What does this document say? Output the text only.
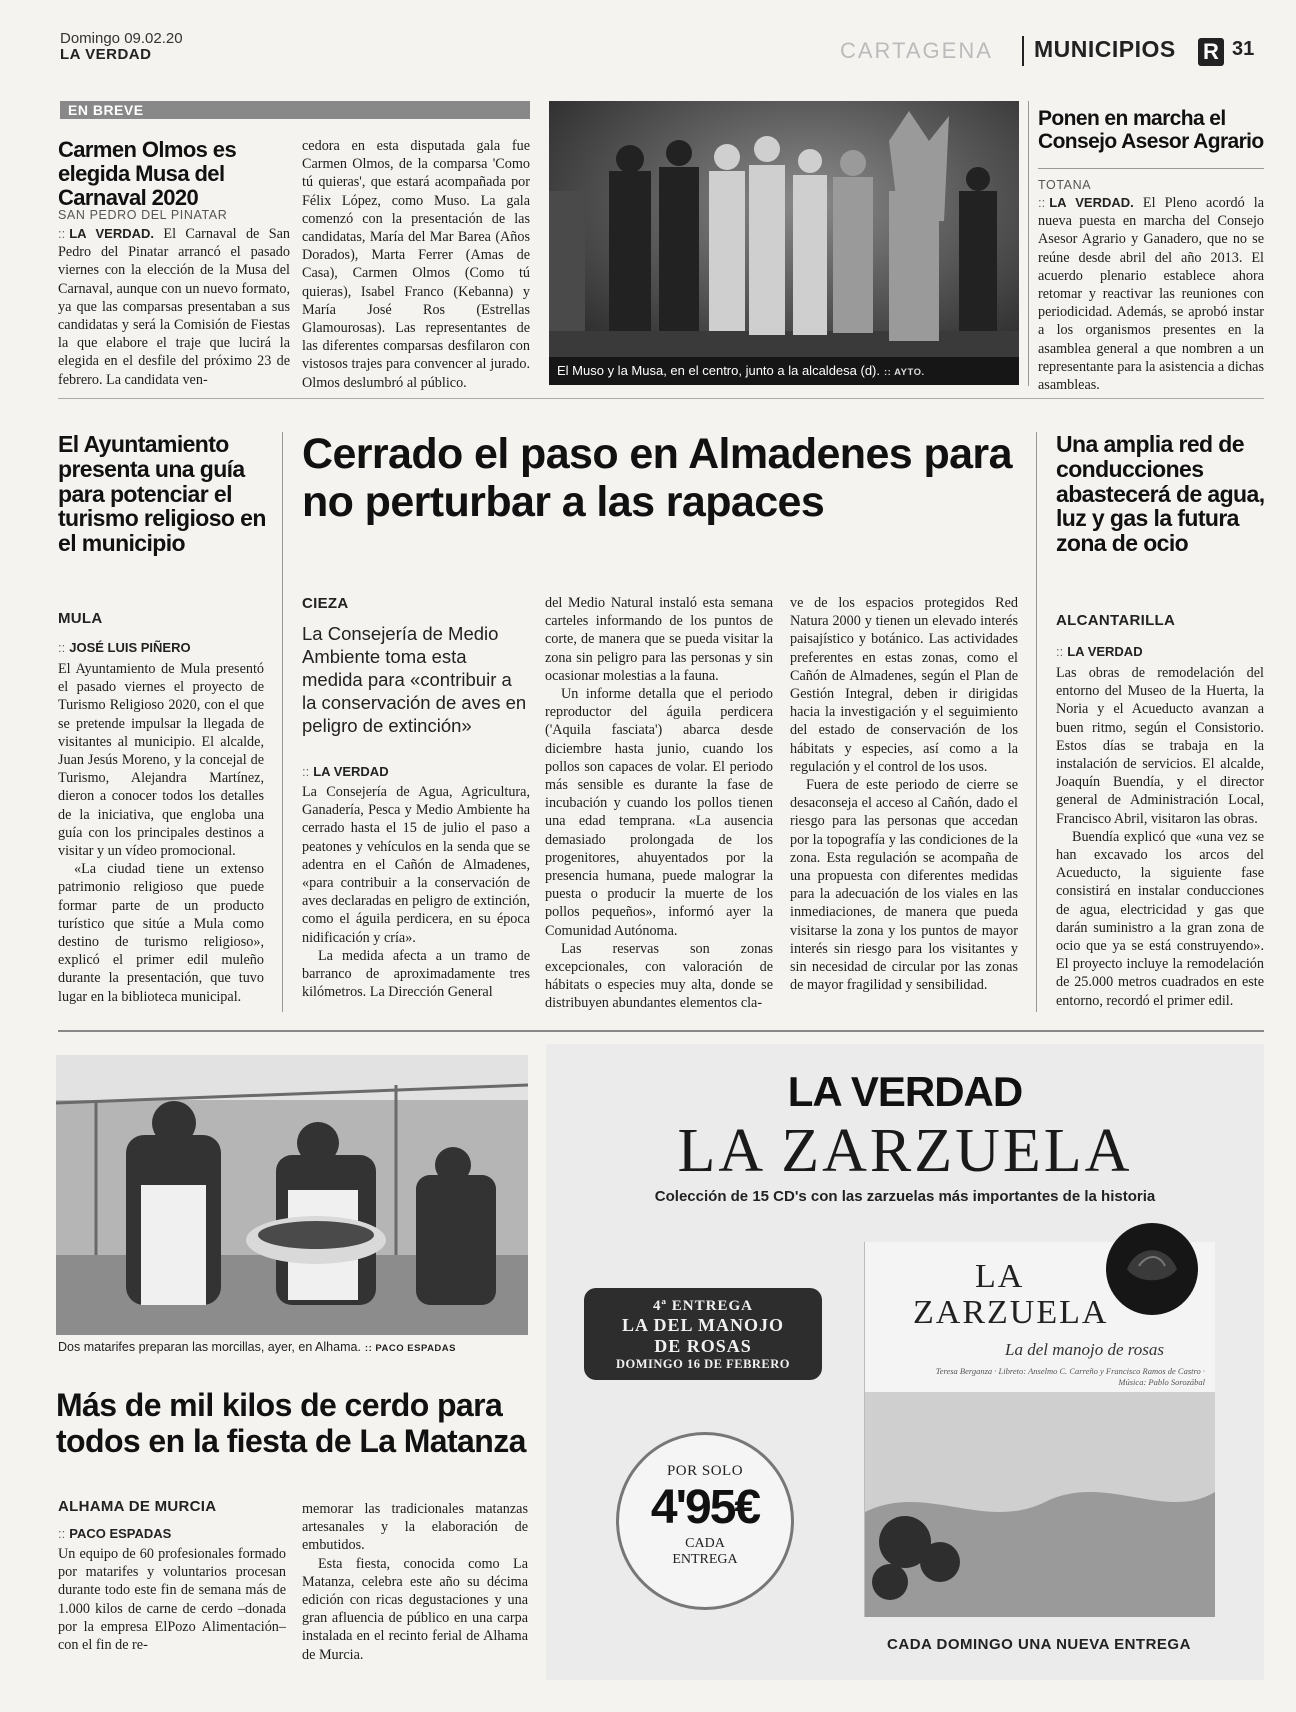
Domingo 09.02.20
LA VERDAD	CARTAGENA MUNICIPIOS R 31
EN BREVE
Carmen Olmos es elegida Musa del Carnaval 2020
SAN PEDRO DEL PINATAR

:: LA VERDAD. El Carnaval de San Pedro del Pinatar arrancó el pasado viernes con la elección de la Musa del Carnaval, aunque con un nuevo formato, ya que las comparsas presentaban a sus candidatas y será la Comisión de Fiestas la que elabore el traje que lucirá la elegida en el desfile del próximo 23 de febrero. La candidata ven-

cedora en esta disputada gala fue Carmen Olmos, de la comparsa 'Como tú quieras', que estará acompañada por Félix López, como Muso. La gala comenzó con la presentación de las candidatas, María del Mar Barea (Años Dorados), Marta Ferrer (Amas de Casa), Carmen Olmos (Como tú quieras), Isabel Franco (Kebanna) y María José Ros (Estrellas Glamourosas). Las representantes de las diferentes comparsas desfilaron con vistosos trajes para convencer al jurado. Olmos deslumbró al público.

El Muso y la Musa, en el centro, junto a la alcaldesa (d). :: AYTO.
Ponen en marcha el Consejo Asesor Agrario
TOTANA

:: LA VERDAD. El Pleno acordó la nueva puesta en marcha del Consejo Asesor Agrario y Ganadero, que no se reúne desde abril del año 2013. El acuerdo plenario establece ahora retomar y reactivar las reuniones con periodicidad. Además, se aprobó instar a los organismos presentes en la asamblea general a que nombren a un representante para la asistencia a dichas asambleas.

El Ayuntamiento presenta una guía para potenciar el turismo religioso en el municipio
MULA
:: JOSÉ LUIS PIÑERO

El Ayuntamiento de Mula presentó el pasado viernes el proyecto de Turismo Religioso 2020, con el que se pretende impulsar la llegada de visitantes al municipio. El alcalde, Juan Jesús Moreno, y la concejal de Turismo, Alejandra Martínez, dieron a conocer todos los detalles de la iniciativa, que engloba una guía con los principales destinos a visitar y un vídeo promocional.

«La ciudad tiene un extenso patrimonio religioso que puede formar parte de un producto turístico que sitúe a Mula como destino de turismo religioso», explicó el primer edil muleño durante la presentación, que tuvo lugar en la biblioteca municipal.

Cerrado el paso en Almadenes para no perturbar a las rapaces
CIEZA
La Consejería de Medio Ambiente toma esta medida para «contribuir a la conservación de aves en peligro de extinción»
:: LA VERDAD

La Consejería de Agua, Agricultura, Ganadería, Pesca y Medio Ambiente ha cerrado hasta el 15 de julio el paso a peatones y vehículos en la senda que se adentra en el Cañón de Almadenes, «para contribuir a la conservación de aves declaradas en peligro de extinción, como el águila perdicera, en su época nidificación y cría».

La medida afecta a un tramo de barranco de aproximadamente tres kilómetros. La Dirección General

del Medio Natural instaló esta semana carteles informando de los puntos de corte, de manera que se pueda visitar la zona sin peligro para las personas y sin ocasionar molestias a la fauna.

Un informe detalla que el periodo reproductor del águila perdicera ('Aquila fasciata') abarca desde diciembre hasta junio, cuando los pollos son capaces de volar. El periodo más sensible es durante la fase de incubación y cuando los pollos tienen una edad temprana. «La ausencia demasiado prolongada de los progenitores, ahuyentados por la presencia humana, puede malograr la puesta o producir la muerte de los pollos pequeños», informó ayer la Comunidad Autónoma.

Las reservas son zonas excepcionales, con valoración de hábitats o especies muy alta, donde se distribuyen abundantes elementos cla-

ve de los espacios protegidos Red Natura 2000 y tienen un elevado interés paisajístico y botánico. Las actividades preferentes en estas zonas, como el Cañón de Almadenes, según el Plan de Gestión Integral, deben ir dirigidas hacia la investigación y el seguimiento del estado de conservación de los hábitats y especies, así como a la regulación y el control de los usos.

Fuera de este periodo de cierre se desaconseja el acceso al Cañón, dado el riesgo para las personas que accedan por la topografía y las condiciones de la zona. Esta regulación se acompaña de una propuesta con diferentes medidas para la adecuación de los viales en las inmediaciones, de manera que pueda visitarse la zona y los puntos de mayor interés sin riesgo para los visitantes y sin necesidad de circular por las zonas de mayor fragilidad y sensibilidad.

Una amplia red de conducciones abastecerá de agua, luz y gas la futura zona de ocio
ALCANTARILLA
:: LA VERDAD

Las obras de remodelación del entorno del Museo de la Huerta, la Noria y el Acueducto avanzan a buen ritmo, según el Consistorio. Estos días se trabaja en la instalación de servicios. El alcalde, Joaquín Buendía, y el director general de Administración Local, Francisco Abril, visitaron las obras.

Buendía explicó que «una vez se han excavado los arcos del Acueducto, la siguiente fase consistirá en instalar conducciones de agua, electricidad y gas que darán suministro a la gran zona de ocio que ya se está construyendo». El proyecto incluye la remodelación de 25.000 metros cuadrados en este entorno, recordó el primer edil.

Dos matarifes preparan las morcillas, ayer, en Alhama. :: PACO ESPADAS
Más de mil kilos de cerdo para todos en la fiesta de La Matanza
ALHAMA DE MURCIA
:: PACO ESPADAS

Un equipo de 60 profesionales formado por matarifes y voluntarios procesan durante todo este fin de semana más de 1.000 kilos de carne de cerdo –donada por la empresa ElPozo Alimentación– con el fin de re-

memorar las tradicionales matanzas artesanales y la elaboración de embutidos.

Esta fiesta, conocida como La Matanza, celebra este año su décima edición con ricas degustaciones y una gran afluencia de público en una carpa instalada en el recinto ferial de Alhama de Murcia.

LA VERDAD
LA ZARZUELA
Colección de 15 CD's con las zarzuelas más importantes de la historia
LA
ZARZUELA
La del manojo de rosas
Teresa Berganza · Libreto: Anselmo C. Carreño y Francisco Ramos de Castro · Música: Pablo Sorozábal
4ª ENTREGA
LA DEL MANOJO
DE ROSAS
DOMINGO 16 DE FEBRERO
POR SOLO
4'95€
CADA
ENTREGA
CADA DOMINGO UNA NUEVA ENTREGA
